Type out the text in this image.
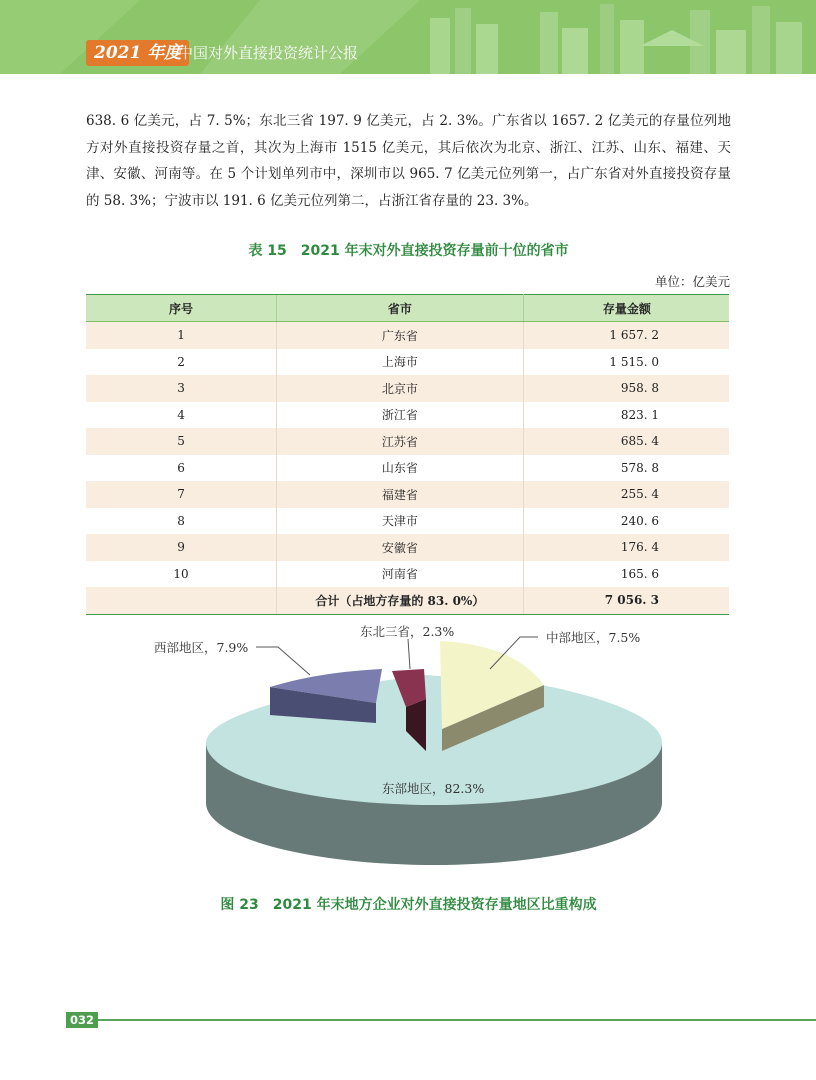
2021 年度
中国对外直接投资统计公报
638. 6 亿美元，占 7. 5%；东北三省 197. 9 亿美元，占 2. 3%。广东省以 1657. 2 亿美元的存量位列地方对外直接投资存量之首，其次为上海市 1515 亿美元，其后依次为北京、浙江、江苏、山东、福建、天津、安徽、河南等。在 5 个计划单列市中，深圳市以 965. 7 亿美元位列第一，占广东省对外直接投资存量的 58. 3%；宁波市以 191. 6 亿美元位列第二，占浙江省存量的 23. 3%。
表 15　2021 年末对外直接投资存量前十位的省市
单位：亿美元
序号	省市	存量金额
1	广东省	1 657. 2
2	上海市	1 515. 0
3	北京市	958. 8
4	浙江省	823. 1
5	江苏省	685. 4
6	山东省	578. 8
7	福建省	255. 4
8	天津市	240. 6
9	安徽省	176. 4
10	河南省	165. 6
	合计（占地方存量的 83. 0%）	7 056. 3
西部地区，7.9%
东北三省，2.3%	中部地区，7.5%
东部地区，82.3%
图 23　2021 年末地方企业对外直接投资存量地区比重构成
032
